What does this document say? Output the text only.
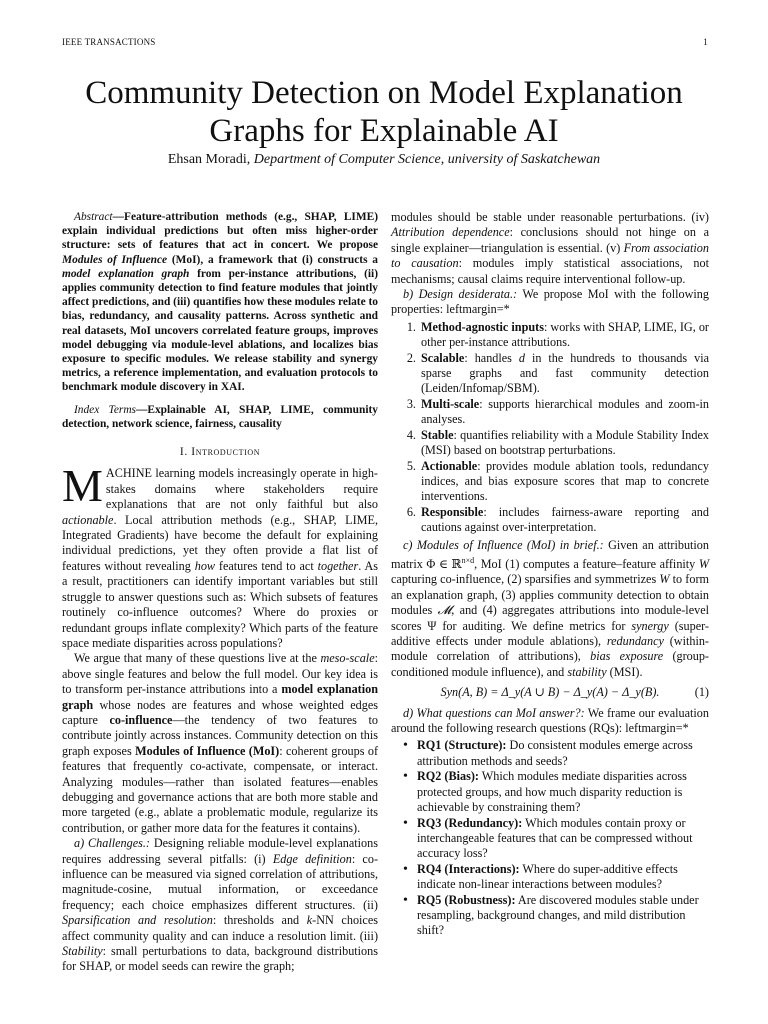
IEEE TRANSACTIONS	1
Community Detection on Model Explanation Graphs for Explainable AI
Ehsan Moradi, Department of Computer Science, university of Saskatchewan

Abstract—Feature-attribution methods (e.g., SHAP, LIME) explain individual predictions but often miss higher-order structure: sets of features that act in concert. We propose Modules of Influence (MoI), a framework that (i) constructs a model explanation graph from per-instance attributions, (ii) applies community detection to find feature modules that jointly affect predictions, and (iii) quantifies how these modules relate to bias, redundancy, and causality patterns. Across synthetic and real datasets, MoI uncovers correlated feature groups, improves model debugging via module-level ablations, and localizes bias exposure to specific modules. We release stability and synergy metrics, a reference implementation, and evaluation protocols to benchmark module discovery in XAI.

Index Terms—Explainable AI, SHAP, LIME, community detection, network science, fairness, causality

I. Introduction

MACHINE learning models increasingly operate in high-stakes domains where stakeholders require explanations that are not only faithful but also actionable. Local attribution methods (e.g., SHAP, LIME, Integrated Gradients) have become the default for explaining individual predictions, yet they often provide a flat list of features without revealing how features tend to act together. As a result, practitioners can identify important variables but still struggle to answer questions such as: Which subsets of features routinely co-influence outcomes? Where do proxies or redundant groups inflate complexity? Which parts of the feature space mediate disparities across populations?

We argue that many of these questions live at the meso-scale: above single features and below the full model. Our key idea is to transform per-instance attributions into a model explanation graph whose nodes are features and whose weighted edges capture co-influence—the tendency of two features to contribute jointly across instances. Community detection on this graph exposes Modules of Influence (MoI): coherent groups of features that frequently co-activate, compensate, or interact. Analyzing modules—rather than isolated features—enables debugging and governance actions that are both more stable and more targeted (e.g., ablate a problematic module, regularize its contribution, or gather more data for the features it contains).

a) Challenges.: Designing reliable module-level explanations requires addressing several pitfalls: (i) Edge definition: co-influence can be measured via signed correlation of attributions, magnitude-cosine, mutual information, or exceedance frequency; each choice emphasizes different structures. (ii) Sparsification and resolution: thresholds and k-NN choices affect community quality and can induce a resolution limit. (iii) Stability: small perturbations to data, background distributions for SHAP, or model seeds can rewire the graph;

modules should be stable under reasonable perturbations. (iv) Attribution dependence: conclusions should not hinge on a single explainer—triangulation is essential. (v) From association to causation: modules imply statistical associations, not mechanisms; causal claims require interventional follow-up.

b) Design desiderata.: We propose MoI with the following properties: leftmargin=*

1. Method-agnostic inputs: works with SHAP, LIME, IG, or other per-instance attributions.
2. Scalable: handles d in the hundreds to thousands via sparse graphs and fast community detection (Leiden/Infomap/SBM).
3. Multi-scale: supports hierarchical modules and zoom-in analyses.
4. Stable: quantifies reliability with a Module Stability Index (MSI) based on bootstrap perturbations.
5. Actionable: provides module ablation tools, redundancy indices, and bias exposure scores that map to concrete interventions.
6. Responsible: includes fairness-aware reporting and cautions against over-interpretation.

c) Modules of Influence (MoI) in brief.: Given an attribution matrix Φ ∈ ℝ$^{n\times d}$, MoI (1) computes a feature–feature affinity W capturing co-influence, (2) sparsifies and symmetrizes W to form an explanation graph, (3) applies community detection to obtain modules 𝓜, and (4) aggregates attributions into module-level scores Ψ for auditing. We define metrics for synergy (super-additive effects under module ablations), redundancy (within-module correlation of attributions), bias exposure (group-conditioned module influence), and stability (MSI).

Syn(A, B) = Δ_y(A ∪ B) − Δ_y(A) − Δ_y(B).	(1)

d) What questions can MoI answer?: We frame our evaluation around the following research questions (RQs): leftmargin=*

• RQ1 (Structure): Do consistent modules emerge across attribution methods and seeds?
• RQ2 (Bias): Which modules mediate disparities across protected groups, and how much disparity reduction is achievable by constraining them?
• RQ3 (Redundancy): Which modules contain proxy or interchangeable features that can be compressed without accuracy loss?
• RQ4 (Interactions): Where do super-additive effects indicate non-linear interactions between modules?
• RQ5 (Robustness): Are discovered modules stable under resampling, background changes, and mild distribution shift?
